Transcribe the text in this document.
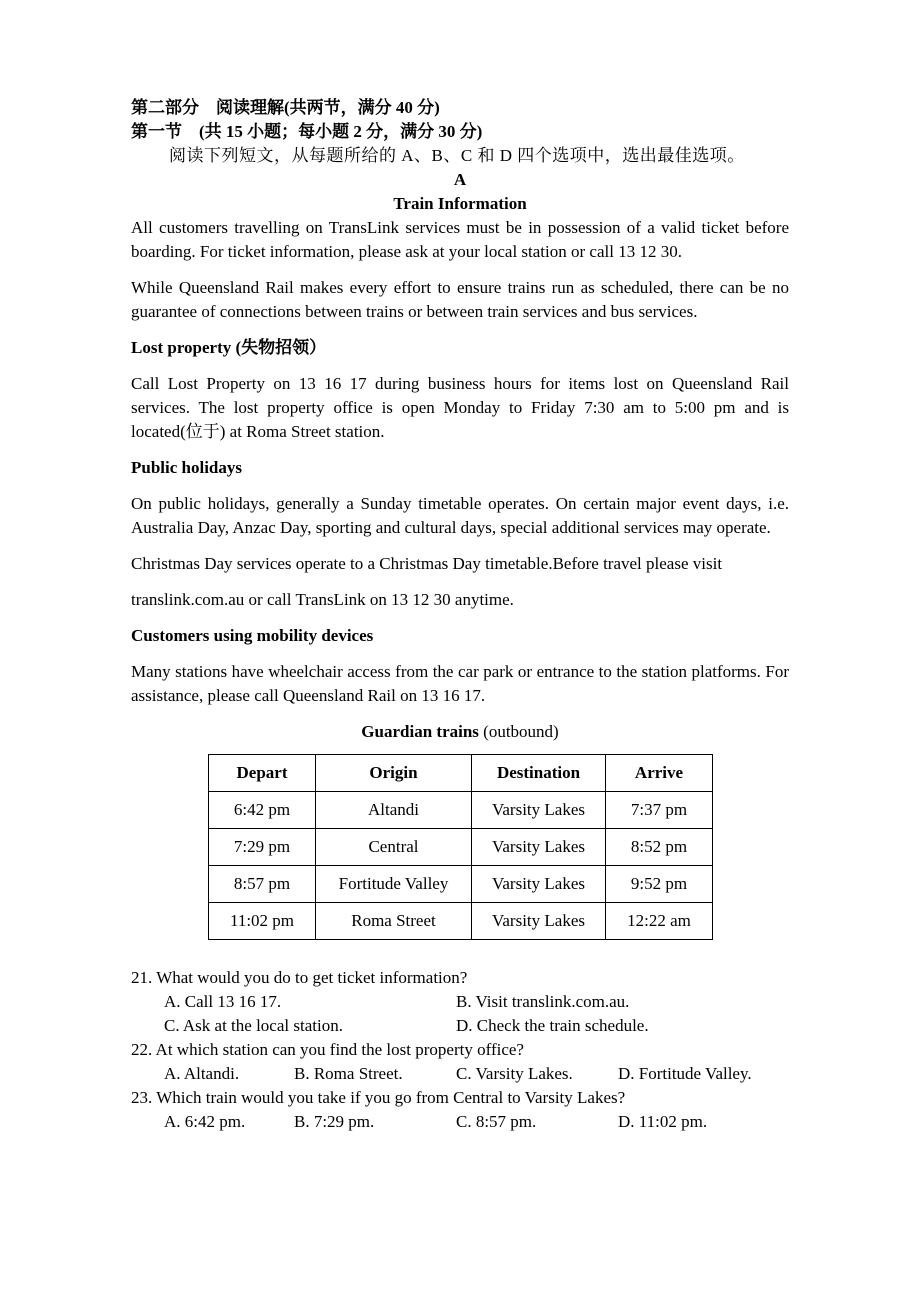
第二部分　阅读理解(共两节，满分 40 分)
第一节　(共 15 小题；每小题 2 分，满分 30 分)
阅读下列短文，从每题所给的 A、B、C 和 D 四个选项中，选出最佳选项。
A
Train Information

All customers travelling on TransLink services must be in possession of a valid ticket before boarding. For ticket information, please ask at your local station or call 13 12 30.

While Queensland Rail makes every effort to ensure trains run as scheduled, there can be no guarantee of connections between trains or between train services and bus services.

Lost property (失物招领）

Call Lost Property on 13 16 17 during business hours for items lost on Queensland Rail services. The lost property office is open Monday to Friday 7:30 am to 5:00 pm and is located(位于) at Roma Street station.

Public holidays

On public holidays, generally a Sunday timetable operates. On certain major event days, i.e. Australia Day, Anzac Day, sporting and cultural days, special additional services may operate.

Christmas Day services operate to a Christmas Day timetable.Before travel please visit

translink.com.au or call TransLink on 13 12 30 anytime.

Customers using mobility devices

Many stations have wheelchair access from the car park or entrance to the station platforms. For assistance, please call Queensland Rail on 13 16 17.

Guardian trains (outbound)
Depart	Origin	Destination	Arrive
6:42 pm	Altandi	Varsity Lakes	7:37 pm
7:29 pm	Central	Varsity Lakes	8:52 pm
8:57 pm	Fortitude Valley	Varsity Lakes	9:52 pm
11:02 pm	Roma Street	Varsity Lakes	12:22 am
21. What would you do to get ticket information?
A. Call 13 16 17.	B. Visit translink.com.au.
C. Ask at the local station.	D. Check the train schedule.
22. At which station can you find the lost property office?
A. Altandi.	B. Roma Street.	C. Varsity Lakes.	D. Fortitude Valley.
23. Which train would you take if you go from Central to Varsity Lakes?
A. 6:42 pm.	B. 7:29 pm.	C. 8:57 pm.	D. 11:02 pm.
